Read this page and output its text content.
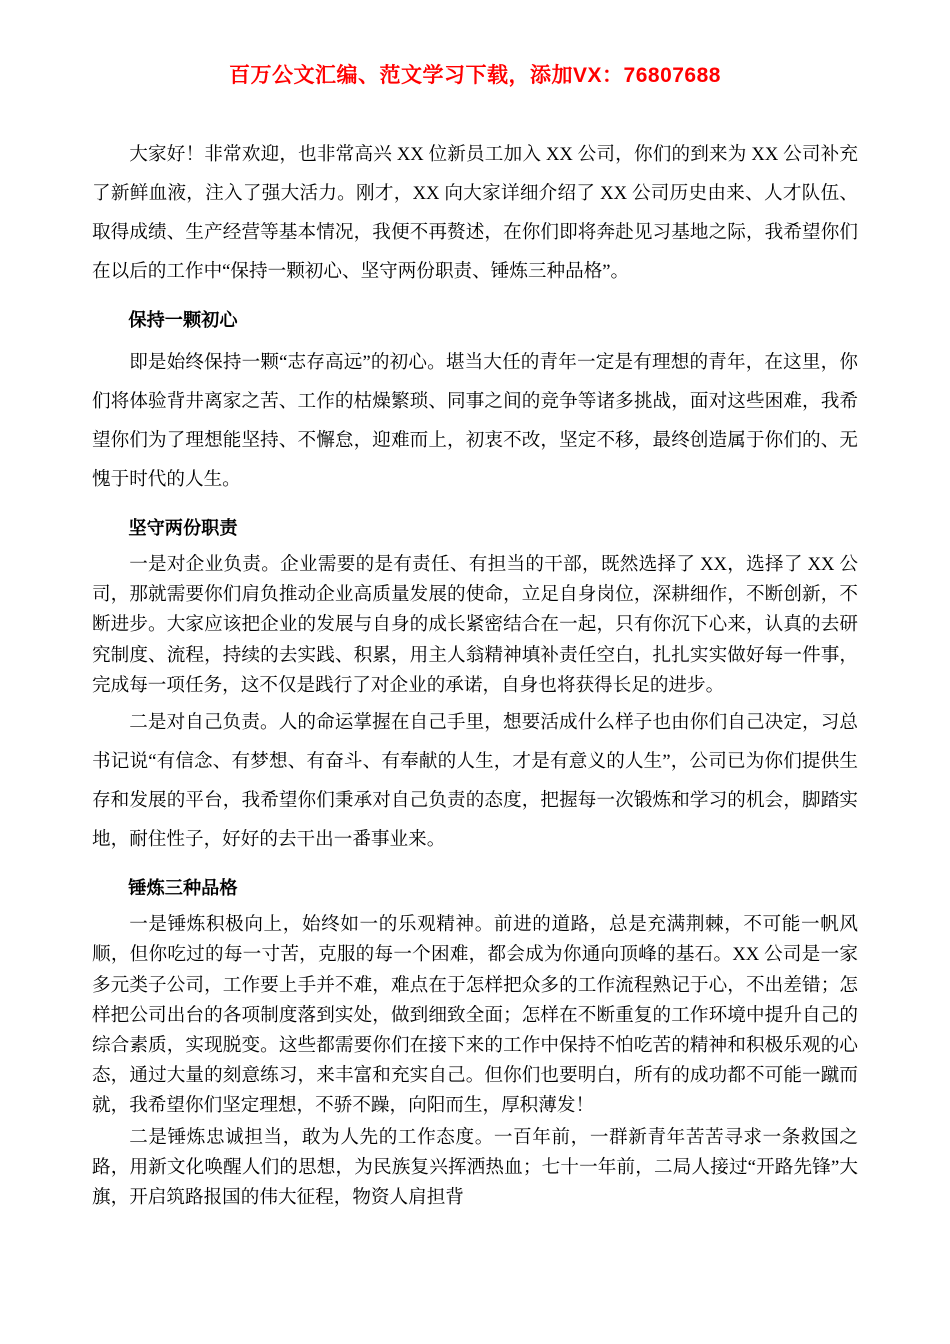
百万公文汇编、范文学习下载，添加VX：76807688

大家好！非常欢迎，也非常高兴 XX 位新员工加入 XX 公司，你们的到来为 XX 公司补充了新鲜血液，注入了强大活力。刚才，XX 向大家详细介绍了 XX 公司历史由来、人才队伍、取得成绩、生产经营等基本情况，我便不再赘述，在你们即将奔赴见习基地之际，我希望你们在以后的工作中“保持一颗初心、坚守两份职责、锤炼三种品格”。

保持一颗初心

即是始终保持一颗“志存高远”的初心。堪当大任的青年一定是有理想的青年，在这里，你们将体验背井离家之苦、工作的枯燥繁琐、同事之间的竞争等诸多挑战，面对这些困难，我希望你们为了理想能坚持、不懈怠，迎难而上，初衷不改，坚定不移，最终创造属于你们的、无愧于时代的人生。

坚守两份职责

一是对企业负责。企业需要的是有责任、有担当的干部，既然选择了 XX，选择了 XX 公司，那就需要你们肩负推动企业高质量发展的使命，立足自身岗位，深耕细作，不断创新，不断进步。大家应该把企业的发展与自身的成长紧密结合在一起，只有你沉下心来，认真的去研究制度、流程，持续的去实践、积累，用主人翁精神填补责任空白，扎扎实实做好每一件事，完成每一项任务，这不仅是践行了对企业的承诺，自身也将获得长足的进步。

二是对自己负责。人的命运掌握在自己手里，想要活成什么样子也由你们自己决定，习总书记说“有信念、有梦想、有奋斗、有奉献的人生，才是有意义的人生”，公司已为你们提供生存和发展的平台，我希望你们秉承对自己负责的态度，把握每一次锻炼和学习的机会，脚踏实地，耐住性子，好好的去干出一番事业来。

锤炼三种品格

一是锤炼积极向上，始终如一的乐观精神。前进的道路，总是充满荆棘，不可能一帆风顺，但你吃过的每一寸苦，克服的每一个困难，都会成为你通向顶峰的基石。XX 公司是一家多元类子公司，工作要上手并不难，难点在于怎样把众多的工作流程熟记于心，不出差错；怎样把公司出台的各项制度落到实处，做到细致全面；怎样在不断重复的工作环境中提升自己的综合素质，实现脱变。这些都需要你们在接下来的工作中保持不怕吃苦的精神和积极乐观的心态，通过大量的刻意练习，来丰富和充实自己。但你们也要明白，所有的成功都不可能一蹴而就，我希望你们坚定理想，不骄不躁，向阳而生，厚积薄发！

二是锤炼忠诚担当，敢为人先的工作态度。一百年前，一群新青年苦苦寻求一条救国之路，用新文化唤醒人们的思想，为民族复兴挥洒热血；七十一年前，二局人接过“开路先锋”大旗，开启筑路报国的伟大征程，物资人肩担背
